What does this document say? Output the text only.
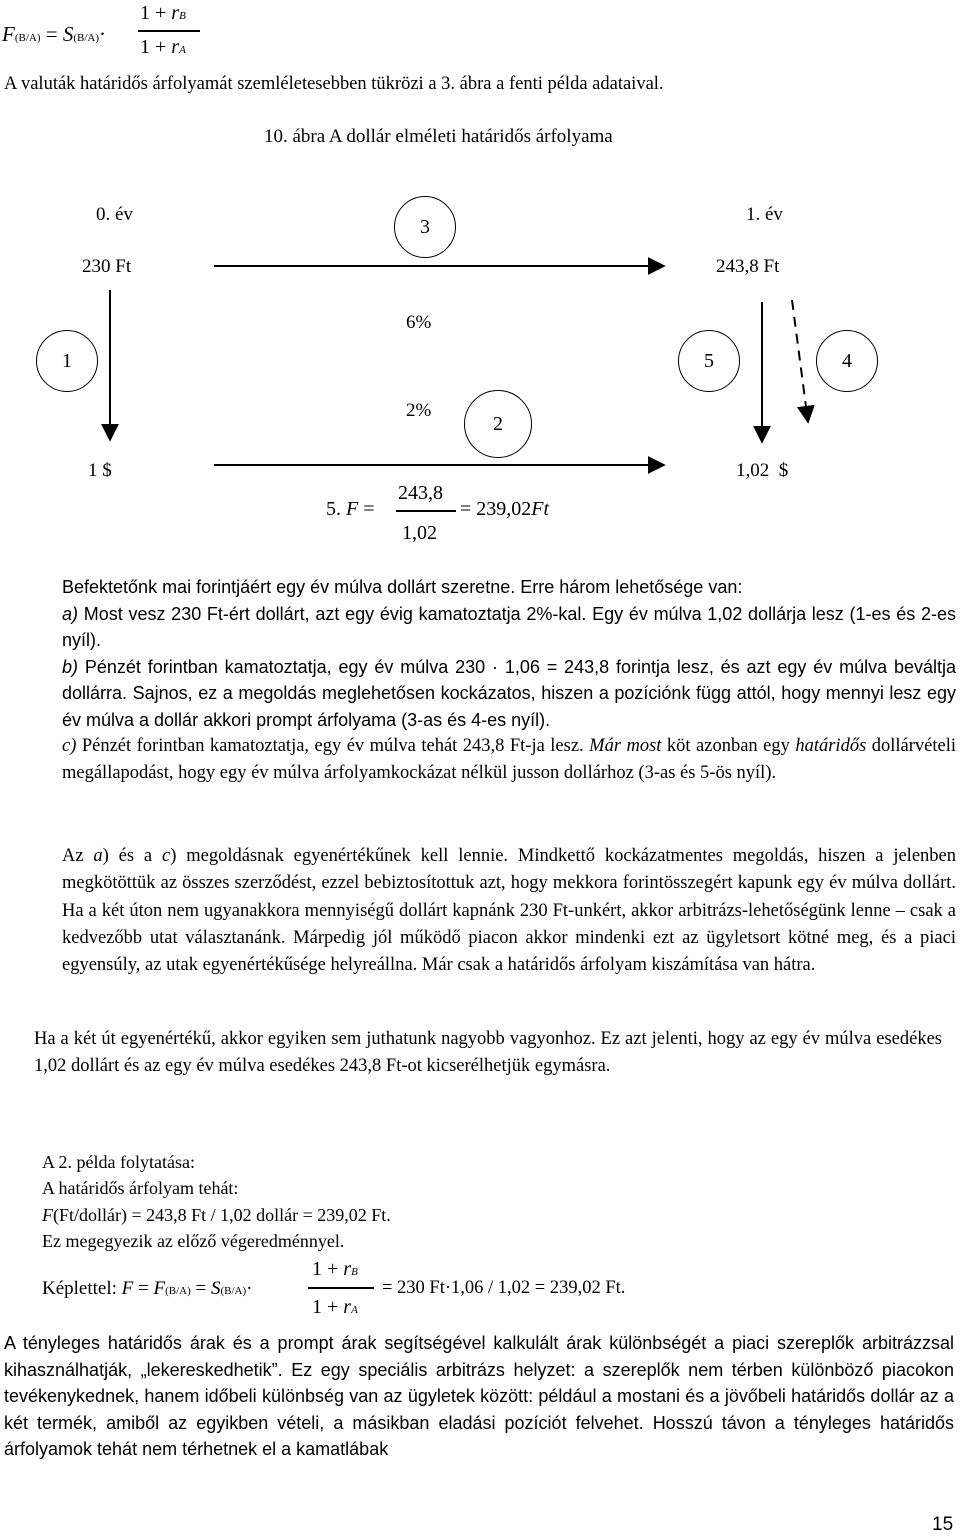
F(B/A) = S(B/A)·
1 + rB
1 + rA
A valuták határidős árfolyamát szemléletesebben tükrözi a 3. ábra a fenti példa adataival.
10. ábra A dollár elméleti határidős árfolyama
0. év	1. év
3
230 Ft	243,8 Ft
6%
1	5	4
2%
2
1 $	1,02  $
5. F =
243,8
1,02
= 239,02Ft
Befektetőnk mai forintjáért egy év múlva dollárt szeretne. Erre három lehetősége van:
a) Most vesz 230 Ft-ért dollárt, azt egy évig kamatoztatja 2%-kal. Egy év múlva 1,02 dollárja lesz (1-es és 2-es nyíl).
b) Pénzét forintban kamatoztatja, egy év múlva 230 · 1,06 = 243,8 forintja lesz, és azt egy év múlva beváltja dollárra. Sajnos, ez a megoldás meglehetősen kockázatos, hiszen a pozíciónk függ attól, hogy mennyi lesz egy év múlva a dollár akkori prompt árfolyama (3-as és 4-es nyíl).
c) Pénzét forintban kamatoztatja, egy év múlva tehát 243,8 Ft-ja lesz. Már most köt azonban egy határidős dollárvételi megállapodást, hogy egy év múlva árfolyamkockázat nélkül jusson dollárhoz (3-as és 5-ös nyíl).

Az a) és a c) megoldásnak egyenértékűnek kell lennie. Mindkettő kockázatmentes megoldás, hiszen a jelenben megkötöttük az összes szerződést, ezzel bebiztosítottuk azt, hogy mekkora forintösszegért kapunk egy év múlva dollárt. Ha a két úton nem ugyanakkora mennyiségű dollárt kapnánk 230 Ft-unkért, akkor arbitrázs-lehetőségünk lenne – csak a kedvezőbb utat választanánk. Márpedig jól működő piacon akkor mindenki ezt az ügyletsort kötné meg, és a piaci egyensúly, az utak egyenértékűsége helyreállna. Már csak a határidős árfolyam kiszámítása van hátra.

Ha a két út egyenértékű, akkor egyiken sem juthatunk nagyobb vagyonhoz. Ez azt jelenti, hogy az egy év múlva esedékes 1,02 dollárt és az egy év múlva esedékes 243,8 Ft-ot kicserélhetjük egymásra.

A 2. példa folytatása:
A határidős árfolyam tehát:
F(Ft/dollár) = 243,8 Ft / 1,02 dollár = 239,02 Ft.
Ez megegyezik az előző végeredménnyel.
Képlettel: F = F(B/A) = S(B/A)·
1 + rB
1 + rA
= 230 Ft·1,06 / 1,02 = 239,02 Ft.

A tényleges határidős árak és a prompt árak segítségével kalkulált árak különbségét a piaci szereplők arbitrázzsal kihasználhatják, „lekereskedhetik”. Ez egy speciális arbitrázs helyzet: a szereplők nem térben különböző piacokon tevékenykednek, hanem időbeli különbség van az ügyletek között: például a mostani és a jövőbeli határidős dollár az a két termék, amiből az egyikben vételi, a másikban eladási pozíciót felvehet. Hosszú távon a tényleges határidős árfolyamok tehát nem térhetnek el a kamatlábak

15
